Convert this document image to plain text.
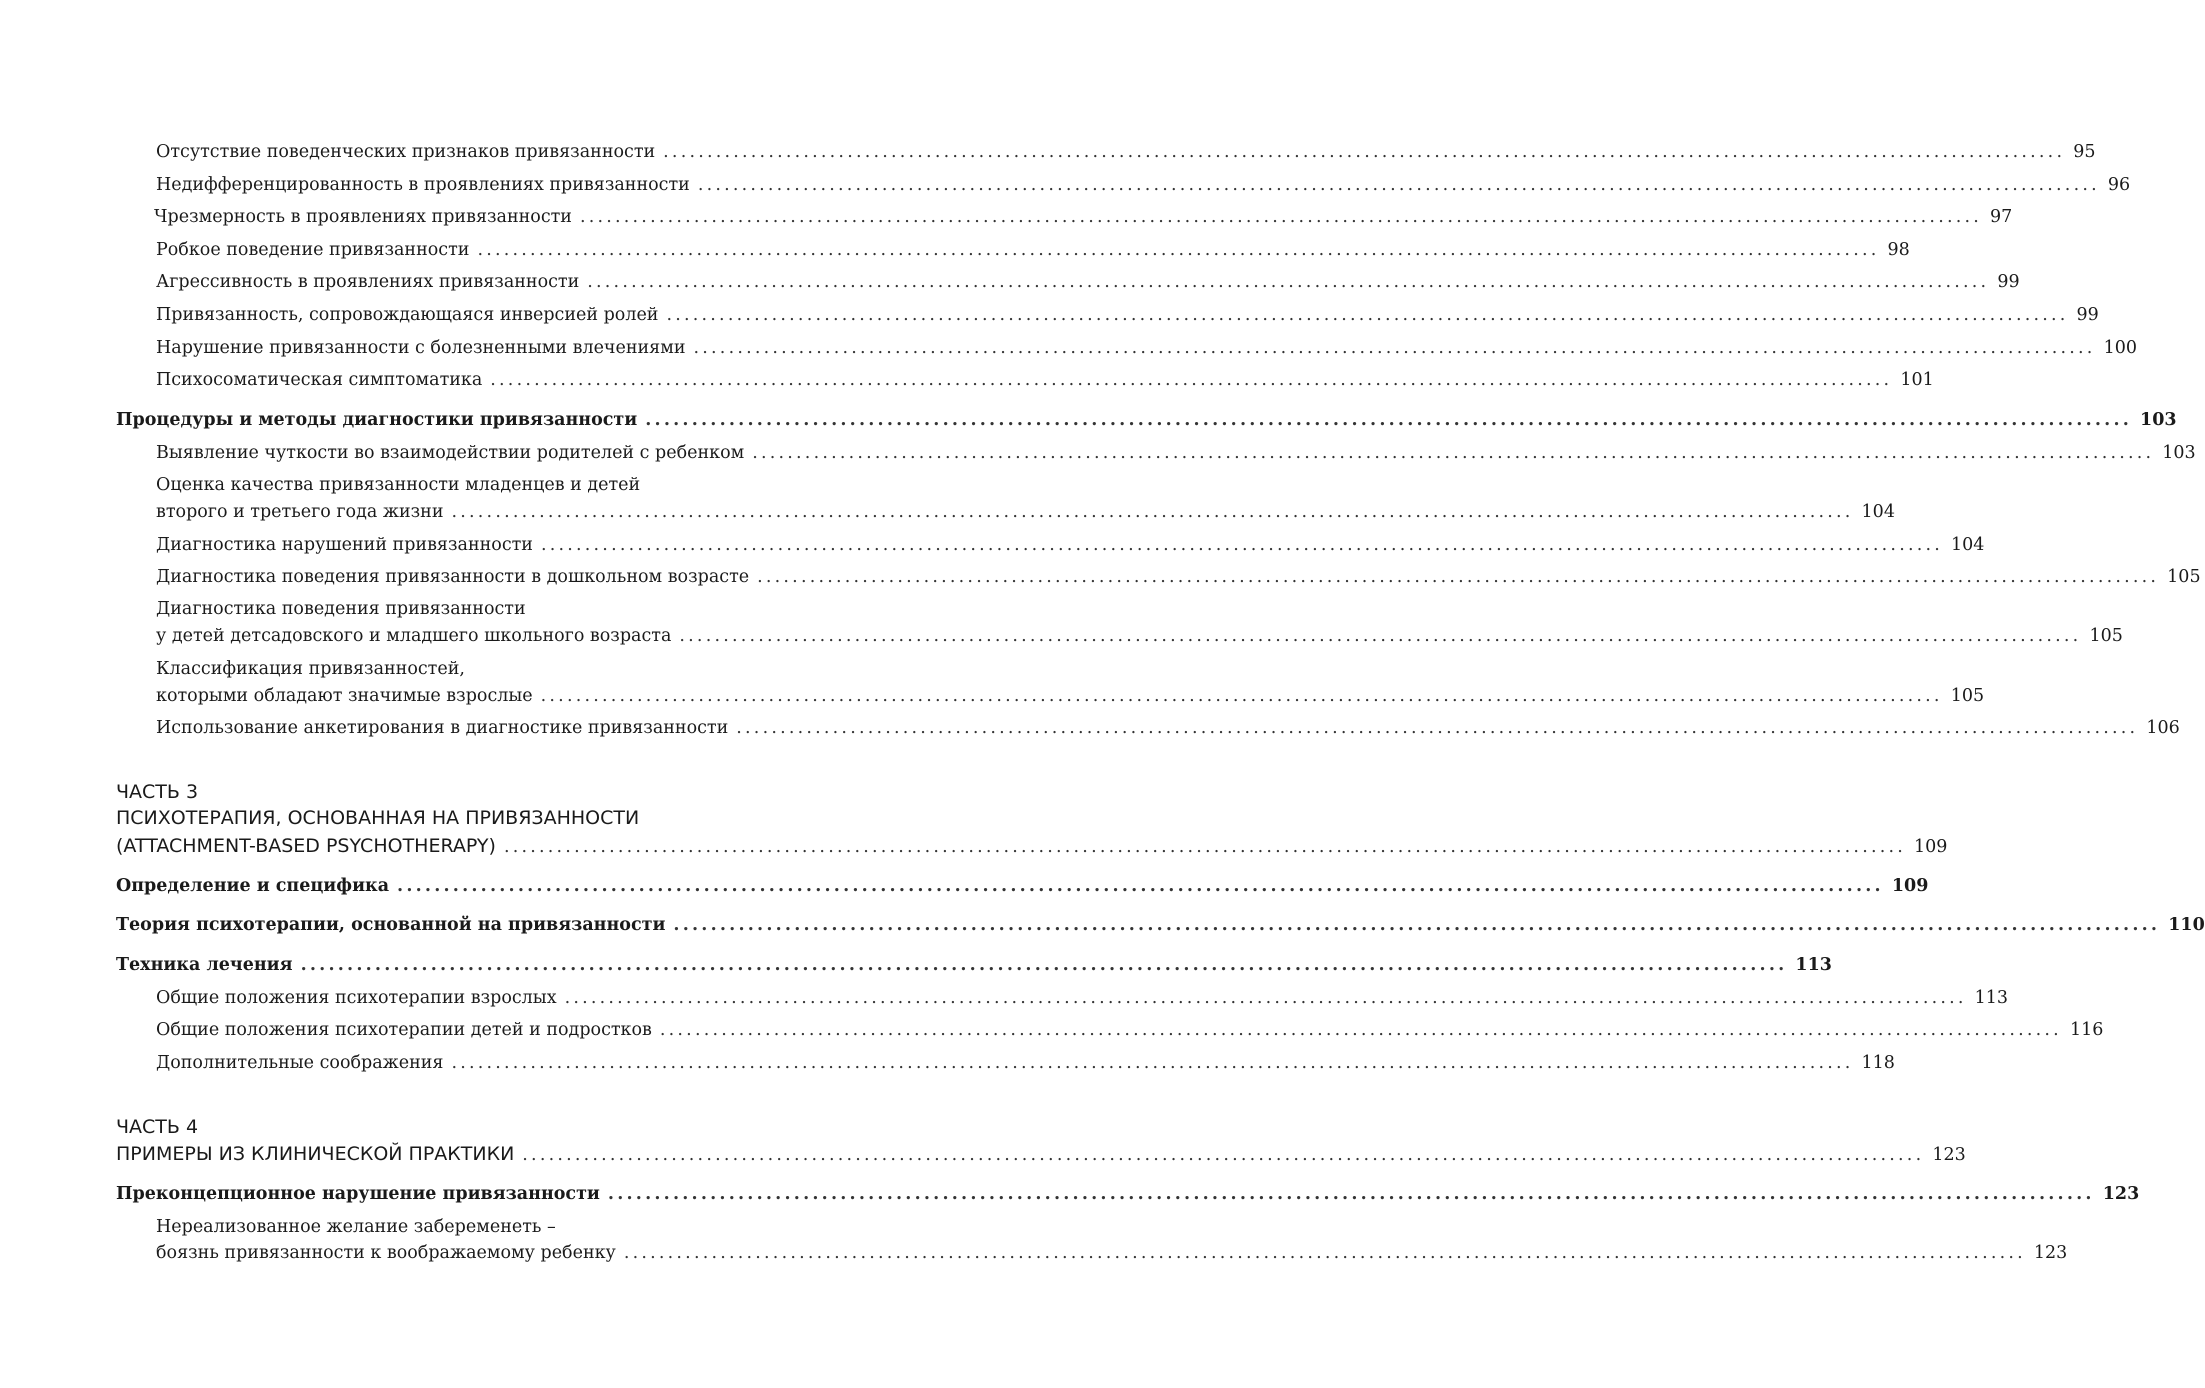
Отсутствие поведенческих признаков привязанности ................................................................................................................................................................ 95
Недифференцированность в проявлениях привязанности ................................................................................................................................................................ 96
Чрезмерность в проявлениях привязанности ................................................................................................................................................................ 97
Робкое поведение привязанности ................................................................................................................................................................ 98
Агрессивность в проявлениях привязанности ................................................................................................................................................................ 99
Привязанность, сопровождающаяся инверсией ролей ................................................................................................................................................................ 99
Нарушение привязанности с болезненными влечениями ................................................................................................................................................................ 100
Психосоматическая симптоматика ................................................................................................................................................................ 101
Процедуры и методы диагностики привязанности ................................................................................................................................................................ 103
Выявление чуткости во взаимодействии родителей с ребенком ................................................................................................................................................................ 103
Оценка качества привязанности младенцев и детей
второго и третьего года жизни ................................................................................................................................................................ 104
Диагностика нарушений привязанности ................................................................................................................................................................ 104
Диагностика поведения привязанности в дошкольном возрасте ................................................................................................................................................................ 105
Диагностика поведения привязанности
у детей детсадовского и младшего школьного возраста ................................................................................................................................................................ 105
Классификация привязанностей,
которыми обладают значимые взрослые ................................................................................................................................................................ 105
Использование анкетирования в диагностике привязанности ................................................................................................................................................................ 106
ЧАСТЬ 3
ПСИХОТЕРАПИЯ, ОСНОВАННАЯ НА ПРИВЯЗАННОСТИ
(ATTACHMENT-BASED PSYCHOTHERAPY) ................................................................................................................................................................ 109
Определение и специфика ................................................................................................................................................................ 109
Теория психотерапии, основанной на привязанности ................................................................................................................................................................ 110
Техника лечения ................................................................................................................................................................ 113
Общие положения психотерапии взрослых ................................................................................................................................................................ 113
Общие положения психотерапии детей и подростков ................................................................................................................................................................ 116
Дополнительные соображения ................................................................................................................................................................ 118
ЧАСТЬ 4
ПРИМЕРЫ ИЗ КЛИНИЧЕСКОЙ ПРАКТИКИ ................................................................................................................................................................ 123
Преконцепционное нарушение привязанности ................................................................................................................................................................ 123
Нереализованное желание забеременеть –
боязнь привязанности к воображаемому ребенку ................................................................................................................................................................ 123
